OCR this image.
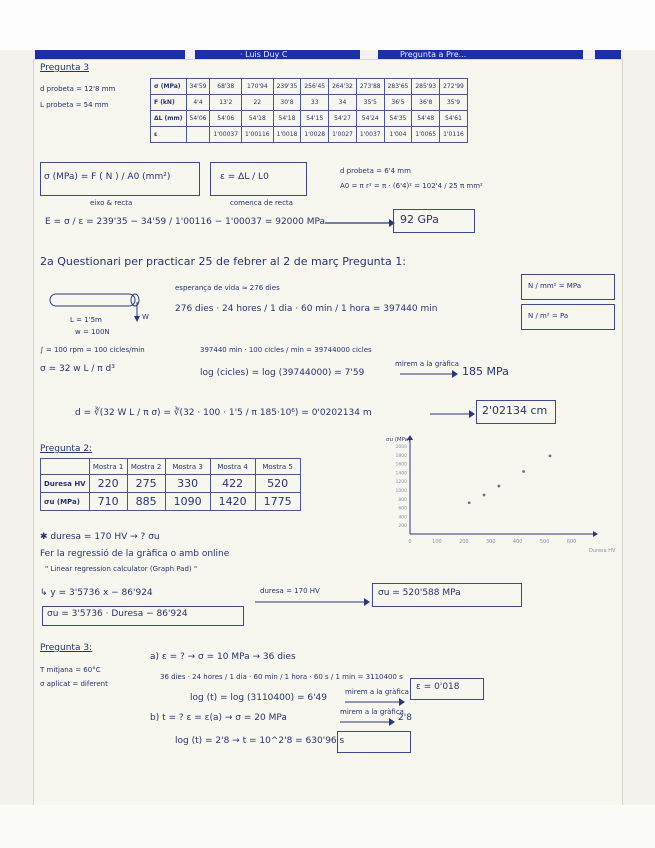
· Luis Duy C	Pregunta a Pre...
Pregunta 3
d probeta = 12'8 mm
L probeta = 54 mm
σ (MPa)	34'59	68'38	170'94	239'35	256'45	264'32	273'88	283'65	285'93	272'99
F (kN)	4'4	13'2	22	30'8	33	34	35'5	36'5	36'8	35'9
ΔL (mm)	54'06	54'06	54'18	54'18	54'15	54'27	54'24	54'35	54'48	54'61
ε		1'00037	1'00116	1'0018	1'0028	1'0027	1'0037	1'004	1'0065	1'0116
σ (MPa) = F ( N ) / A0 (mm²)	ε = ΔL / L0
eixo & recta	comenca de recta
d probeta = 6'4 mm
A0 = π r² = π · (6'4)² = 102'4 / 25 π mm²
E = σ / ε = 239'35 − 34'59 / 1'00116 − 1'00037 = 92000 MPa	92 GPa
2a Questionari per practicar 25 de febrer al 2 de març Pregunta 1:
esperança de vida ≈ 276 dies
276 dies · 24 hores / 1 dia · 60 min / 1 hora = 397440 min
N / mm² = MPa
N / m² = Pa
W
L = 1'5m
w = 100N
∫ = 100 rpm = 100 cicles/min
σ = 32 w L / π d³
397440 min · 100 cicles / min = 39744000 cicles
log (cicles) = log (39744000) = 7'59
mirem a la gràfica
185 MPa
d = ∛(32 W L / π σ) = ∛(32 · 100 · 1'5 / π 185·10⁶) = 0'0202134 m	2'02134 cm
Pregunta 2:
	Mostra 1	Mostra 2	Mostra 3	Mostra 4	Mostra 5
Duresa HV	220	275	330	422	520
σu (MPa)	710	885	1090	1420	1775
0	100	200	300	400	500	600
200
400
600
800
1000
1200
1400
1600
1800
2000
σu (MPa)
Duresa HV
✱ duresa = 170 HV → ? σu
Fer la regressió de la gràfica o amb online
" Linear regression calculator (Graph Pad) "
↳ y = 3'5736 x − 86'924	duresa = 170 HV	σu = 520'588 MPa
σu = 3'5736 · Duresa − 86'924
Pregunta 3:
T mitjana = 60°C
σ aplicat = diferent
a) ε = ? → σ = 10 MPa → 36 dies
36 dies · 24 hores / 1 dia · 60 min / 1 hora · 60 s / 1 min = 3110400 s
log (t) = log (3110400) = 6'49
mirem a la gràfica ε = 0'018
b) t = ? ε = ε(a) → σ = 20 MPa
mirem a la gràfica
2'8
log (t) = 2'8 → t = 10^2'8 = 630'96 s
